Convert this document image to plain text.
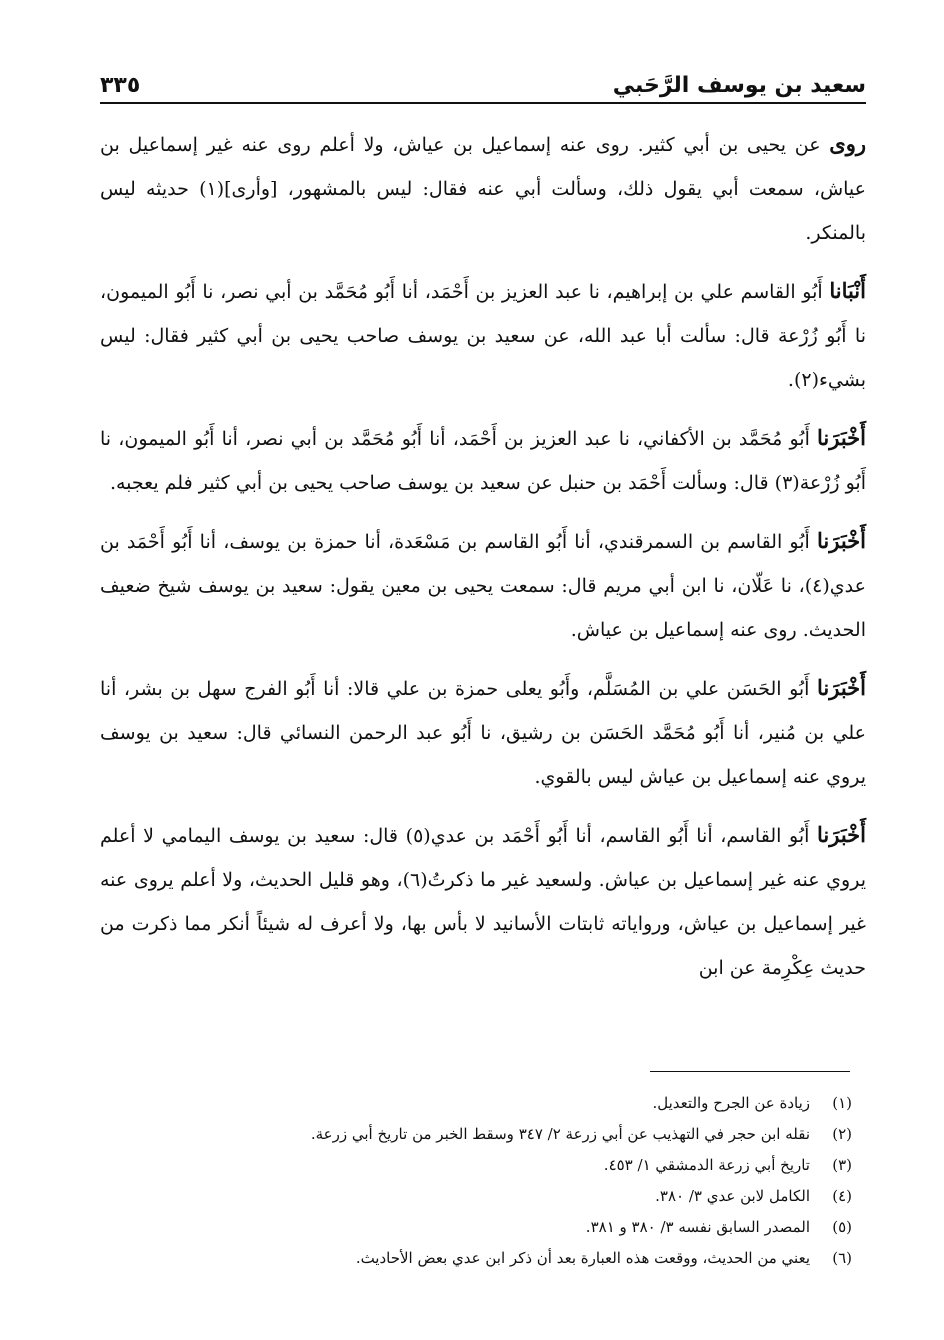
سعيد بن يوسف الرَّحَبي
٣٣٥

روى عن يحيى بن أبي كثير. روى عنه إسماعيل بن عياش، ولا أعلم روى عنه غير إسماعيل بن عياش، سمعت أبي يقول ذلك، وسألت أبي عنه فقال: ليس بالمشهور، [وأرى](١) حديثه ليس بالمنكر.

أَنْبَانا أَبُو القاسم علي بن إبراهيم، نا عبد العزيز بن أَحْمَد، أنا أَبُو مُحَمَّد بن أبي نصر، نا أَبُو الميمون، نا أَبُو زُرْعة قال: سألت أبا عبد الله، عن سعيد بن يوسف صاحب يحيى بن أبي كثير فقال: ليس بشيء(٢).

أَخْبَرَنا أَبُو مُحَمَّد بن الأكفاني، نا عبد العزيز بن أَحْمَد، أنا أَبُو مُحَمَّد بن أبي نصر، أنا أَبُو الميمون، نا أَبُو زُرْعة(٣) قال: وسألت أَحْمَد بن حنبل عن سعيد بن يوسف صاحب يحيى بن أبي كثير فلم يعجبه.

أَخْبَرَنا أَبُو القاسم بن السمرقندي، أنا أَبُو القاسم بن مَسْعَدة، أنا حمزة بن يوسف، أنا أَبُو أَحْمَد بن عدي(٤)، نا عَلّان، نا ابن أبي مريم قال: سمعت يحيى بن معين يقول: سعيد بن يوسف شيخ ضعيف الحديث. روى عنه إسماعيل بن عياش.

أَخْبَرَنا أَبُو الحَسَن علي بن المُسَلَّم، وأَبُو يعلى حمزة بن علي قالا: أنا أَبُو الفرج سهل بن بشر، أنا علي بن مُنير، أنا أَبُو مُحَمَّد الحَسَن بن رشيق، نا أَبُو عبد الرحمن النسائي قال: سعيد بن يوسف يروي عنه إسماعيل بن عياش ليس بالقوي.

أَخْبَرَنا أَبُو القاسم، أنا أَبُو القاسم، أنا أَبُو أَحْمَد بن عدي(٥) قال: سعيد بن يوسف اليمامي لا أعلم يروي عنه غير إسماعيل بن عياش. ولسعيد غير ما ذكرتُ(٦)، وهو قليل الحديث، ولا أعلم يروى عنه غير إسماعيل بن عياش، ورواياته ثابتات الأسانيد لا بأس بها، ولا أعرف له شيئاً أنكر مما ذكرت من حديث عِكْرِمة عن ابن

(١)
زيادة عن الجرح والتعديل.
(٢)
نقله ابن حجر في التهذيب عن أبي زرعة ٢/ ٣٤٧ وسقط الخبر من تاريخ أبي زرعة.
(٣)
تاريخ أبي زرعة الدمشقي ١/ ٤٥٣.
(٤)
الكامل لابن عدي ٣/ ٣٨٠.
(٥)
المصدر السابق نفسه ٣/ ٣٨٠ و ٣٨١.
(٦)
يعني من الحديث، ووقعت هذه العبارة بعد أن ذكر ابن عدي بعض الأحاديث.
